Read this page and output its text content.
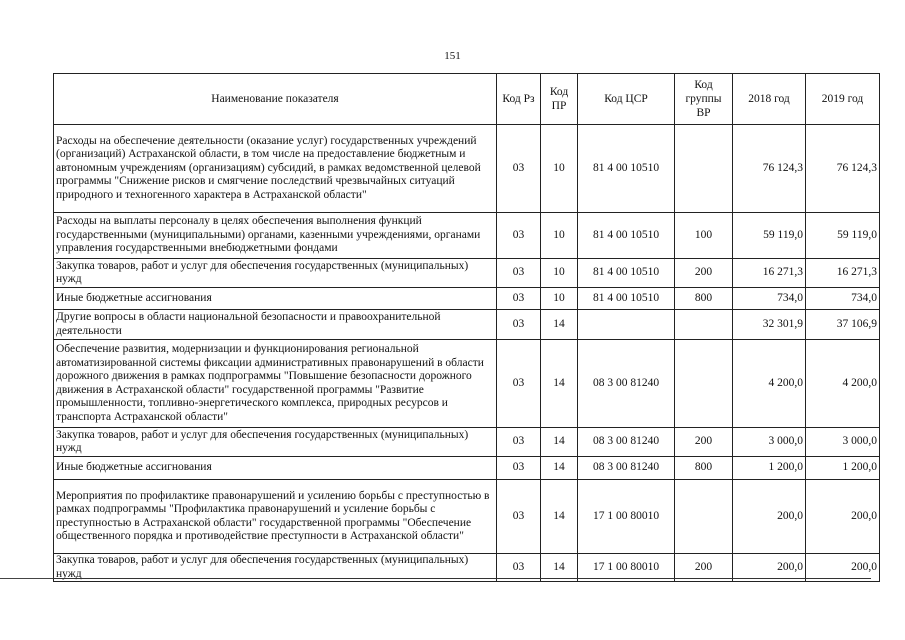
151
Наименование показателя	Код Рз	Код ПР	Код ЦСР	Код группы ВР	2018 год	2019 год
Расходы на обеспечение деятельности (оказание услуг) государственных учреждений (организаций) Астраханской области, в том числе на предоставление бюджетным и автономным учреждениям (организациям) субсидий, в рамках ведомственной целевой программы "Снижение рисков и смягчение последствий чрезвычайных ситуаций природного и техногенного характера в Астраханской области"	03	10	81 4 00 10510		76 124,3	76 124,3
Расходы на выплаты персоналу в целях обеспечения выполнения функций государственными (муниципальными) органами, казенными учреждениями, органами управления государственными внебюджетными фондами	03	10	81 4 00 10510	100	59 119,0	59 119,0
Закупка товаров, работ и услуг для обеспечения государственных (муниципальных) нужд	03	10	81 4 00 10510	200	16 271,3	16 271,3
Иные бюджетные ассигнования	03	10	81 4 00 10510	800	734,0	734,0
Другие вопросы в области национальной безопасности и правоохранительной деятельности	03	14			32 301,9	37 106,9
Обеспечение развития, модернизации и функционирования региональной автоматизированной системы фиксации административных правонарушений в области дорожного движения в рамках подпрограммы "Повышение безопасности дорожного движения в Астраханской области" государственной программы "Развитие промышленности, топливно-энергетического комплекса, природных ресурсов и транспорта Астраханской области"	03	14	08 3 00 81240		4 200,0	4 200,0
Закупка товаров, работ и услуг для обеспечения государственных (муниципальных) нужд	03	14	08 3 00 81240	200	3 000,0	3 000,0
Иные бюджетные ассигнования	03	14	08 3 00 81240	800	1 200,0	1 200,0
Мероприятия по профилактике правонарушений и усилению борьбы с преступностью в рамках подпрограммы "Профилактика правонарушений и усиление борьбы с преступностью в Астраханской области" государственной программы "Обеспечение общественного порядка и противодействие преступности в Астраханской области"	03	14	17 1 00 80010		200,0	200,0
Закупка товаров, работ и услуг для обеспечения государственных (муниципальных) нужд	03	14	17 1 00 80010	200	200,0	200,0
